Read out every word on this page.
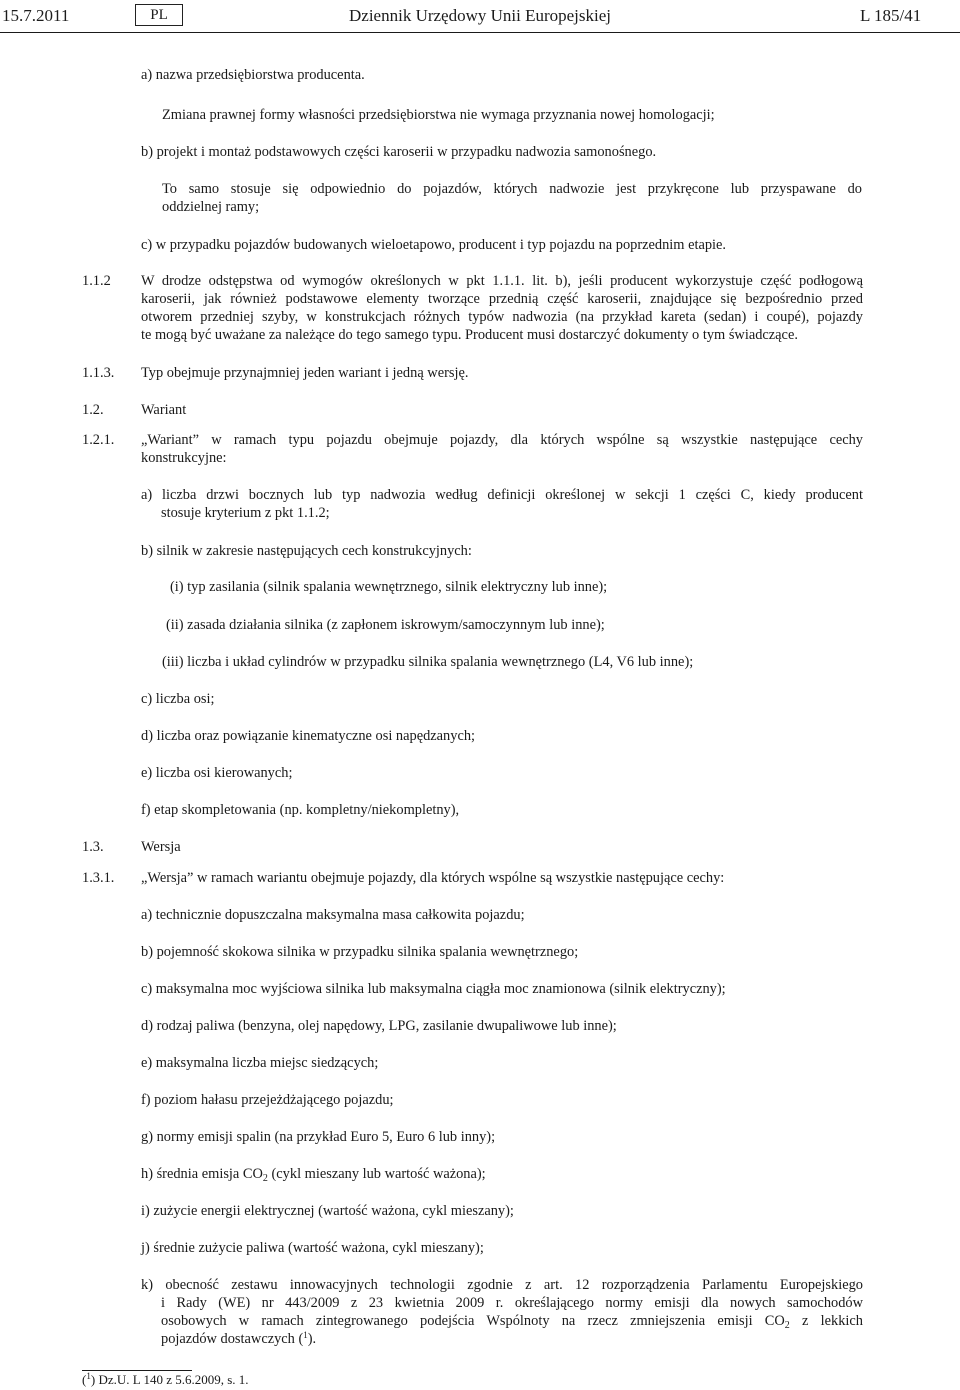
15.7.2011	PL	Dziennik Urzędowy Unii Europejskiej	L 185/41
a) nazwa przedsiębiorstwa producenta.
Zmiana prawnej formy własności przedsiębiorstwa nie wymaga przyznania nowej homologacji;
b) projekt i montaż podstawowych części karoserii w przypadku nadwozia samonośnego.
To samo stosuje się odpowiednio do pojazdów, których nadwozie jest przykręcone lub przyspawane do
oddzielnej ramy;
c) w przypadku pojazdów budowanych wieloetapowo, producent i typ pojazdu na poprzednim etapie.
1.1.2 W drodze odstępstwa od wymogów określonych w pkt 1.1.1. lit. b), jeśli producent wykorzystuje część podłogową
karoserii, jak również podstawowe elementy tworzące przednią część karoserii, znajdujące się bezpośrednio przed
otworem przedniej szyby, w konstrukcjach różnych typów nadwozia (na przykład kareta (sedan) i coupé), pojazdy
te mogą być uważane za należące do tego samego typu. Producent musi dostarczyć dokumenty o tym świadczące.
1.1.3. Typ obejmuje przynajmniej jeden wariant i jedną wersję.
1.2.	Wariant
1.2.1. „Wariant” w ramach typu pojazdu obejmuje pojazdy, dla których wspólne są wszystkie następujące cechy
konstrukcyjne:
a) liczba drzwi bocznych lub typ nadwozia według definicji określonej w sekcji 1 części C, kiedy producent
stosuje kryterium z pkt 1.1.2;
b) silnik w zakresie następujących cech konstrukcyjnych:
(i) typ zasilania (silnik spalania wewnętrznego, silnik elektryczny lub inne);
(ii) zasada działania silnika (z zapłonem iskrowym/samoczynnym lub inne);
(iii) liczba i układ cylindrów w przypadku silnika spalania wewnętrznego (L4, V6 lub inne);
c) liczba osi;
d) liczba oraz powiązanie kinematyczne osi napędzanych;
e) liczba osi kierowanych;
f) etap skompletowania (np. kompletny/niekompletny),
1.3.	Wersja
1.3.1. „Wersja” w ramach wariantu obejmuje pojazdy, dla których wspólne są wszystkie następujące cechy:
a) technicznie dopuszczalna maksymalna masa całkowita pojazdu;
b) pojemność skokowa silnika w przypadku silnika spalania wewnętrznego;
c) maksymalna moc wyjściowa silnika lub maksymalna ciągła moc znamionowa (silnik elektryczny);
d) rodzaj paliwa (benzyna, olej napędowy, LPG, zasilanie dwupaliwowe lub inne);
e) maksymalna liczba miejsc siedzących;
f) poziom hałasu przejeżdżającego pojazdu;
g) normy emisji spalin (na przykład Euro 5, Euro 6 lub inny);
h) średnia emisja $CO_2$ (cykl mieszany lub wartość ważona);
i) zużycie energii elektrycznej (wartość ważona, cykl mieszany);
j) średnie zużycie paliwa (wartość ważona, cykl mieszany);
k) obecność zestawu innowacyjnych technologii zgodnie z art. 12 rozporządzenia Parlamentu Europejskiego
i Rady (WE) nr 443/2009 z 23 kwietnia 2009 r. określającego normy emisji dla nowych samochodów
osobowych w ramach zintegrowanego podejścia Wspólnoty na rzecz zmniejszenia emisji $CO_2$ z lekkich
pojazdów dostawczych ($^1$).
($^1$) Dz.U. L 140 z 5.6.2009, s. 1.
